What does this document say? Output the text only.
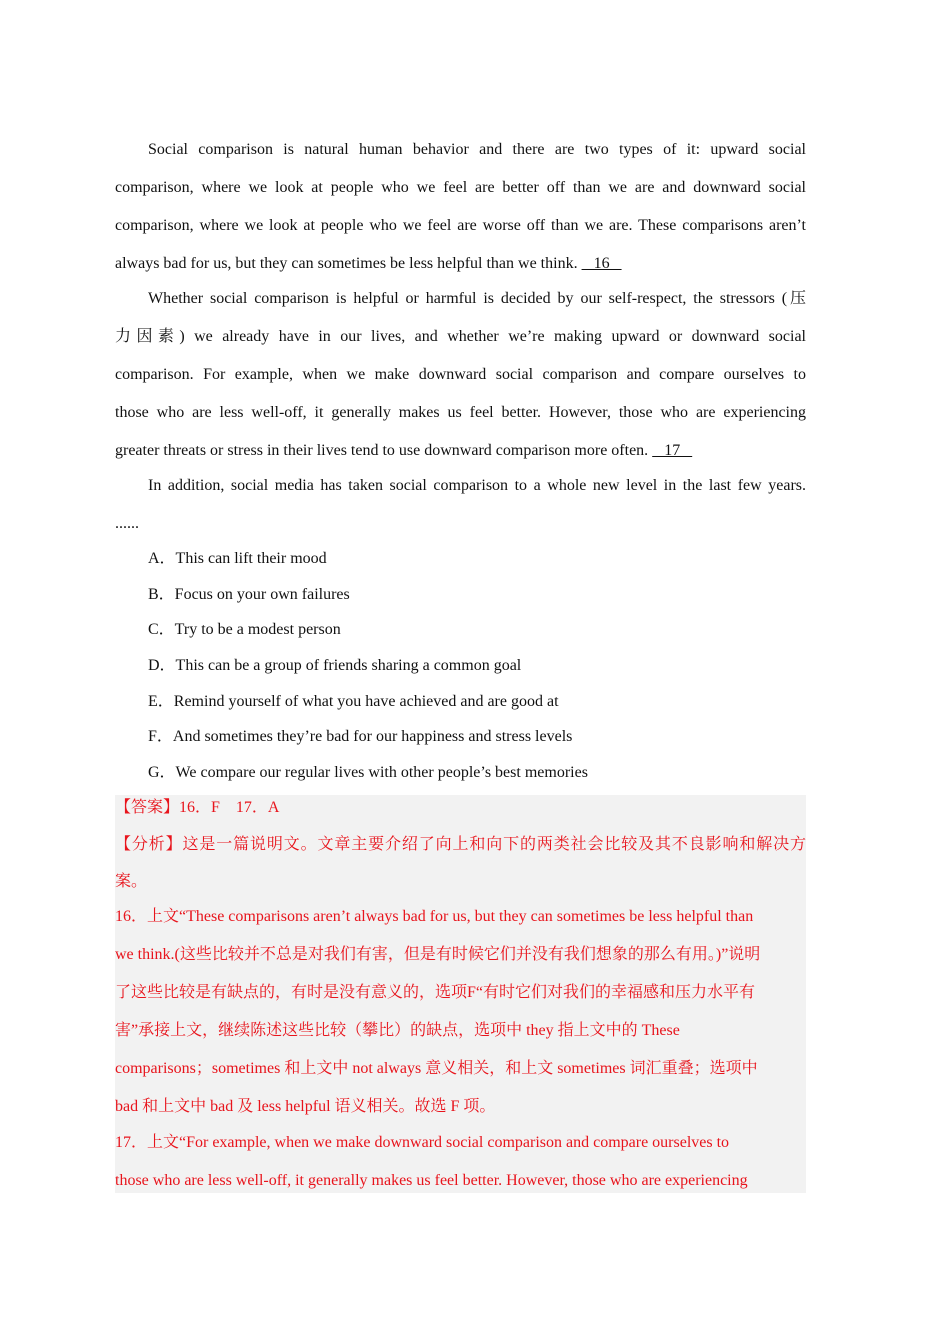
Social comparison is natural human behavior and there are two types of it: upward social
comparison, where we look at people who we feel are better off than we are and downward social
comparison, where we look at people who we feel are worse off than we are. These comparisons aren’t
always bad for us, but they can sometimes be less helpful than we think.    16
Whether social comparison is helpful or harmful is decided by our self-respect, the stressors (压
力因素) we already have in our lives, and whether we’re making upward or downward social
comparison. For example, when we make downward social comparison and compare ourselves to
those who are less well-off, it generally makes us feel better. However, those who are experiencing
greater threats or stress in their lives tend to use downward comparison more often.    17
In addition, social media has taken social comparison to a whole new level in the last few years.
......
A．This can lift their mood
B．Focus on your own failures
C．Try to be a modest person
D．This can be a group of friends sharing a common goal
E．Remind yourself of what you have achieved and are good at
F．And sometimes they’re bad for our happiness and stress levels
G．We compare our regular lives with other people’s best memories
【答案】16．F　17．A
【分析】这是一篇说明文。文章主要介绍了向上和向下的两类社会比较及其不良影响和解决方
案。
16．上文“These comparisons aren’t always bad for us, but they can sometimes be less helpful than
we think.(这些比较并不总是对我们有害，但是有时候它们并没有我们想象的那么有用。)”说明
了这些比较是有缺点的，有时是没有意义的，选项F“有时它们对我们的幸福感和压力水平有
害”承接上文，继续陈述这些比较（攀比）的缺点，选项中 they 指上文中的 These
comparisons；sometimes 和上文中 not always 意义相关，和上文 sometimes 词汇重叠；选项中
bad 和上文中 bad 及 less helpful 语义相关。故选 F 项。
17．上文“For example, when we make downward social comparison and compare ourselves to
those who are less well-off, it generally makes us feel better. However, those who are experiencing
